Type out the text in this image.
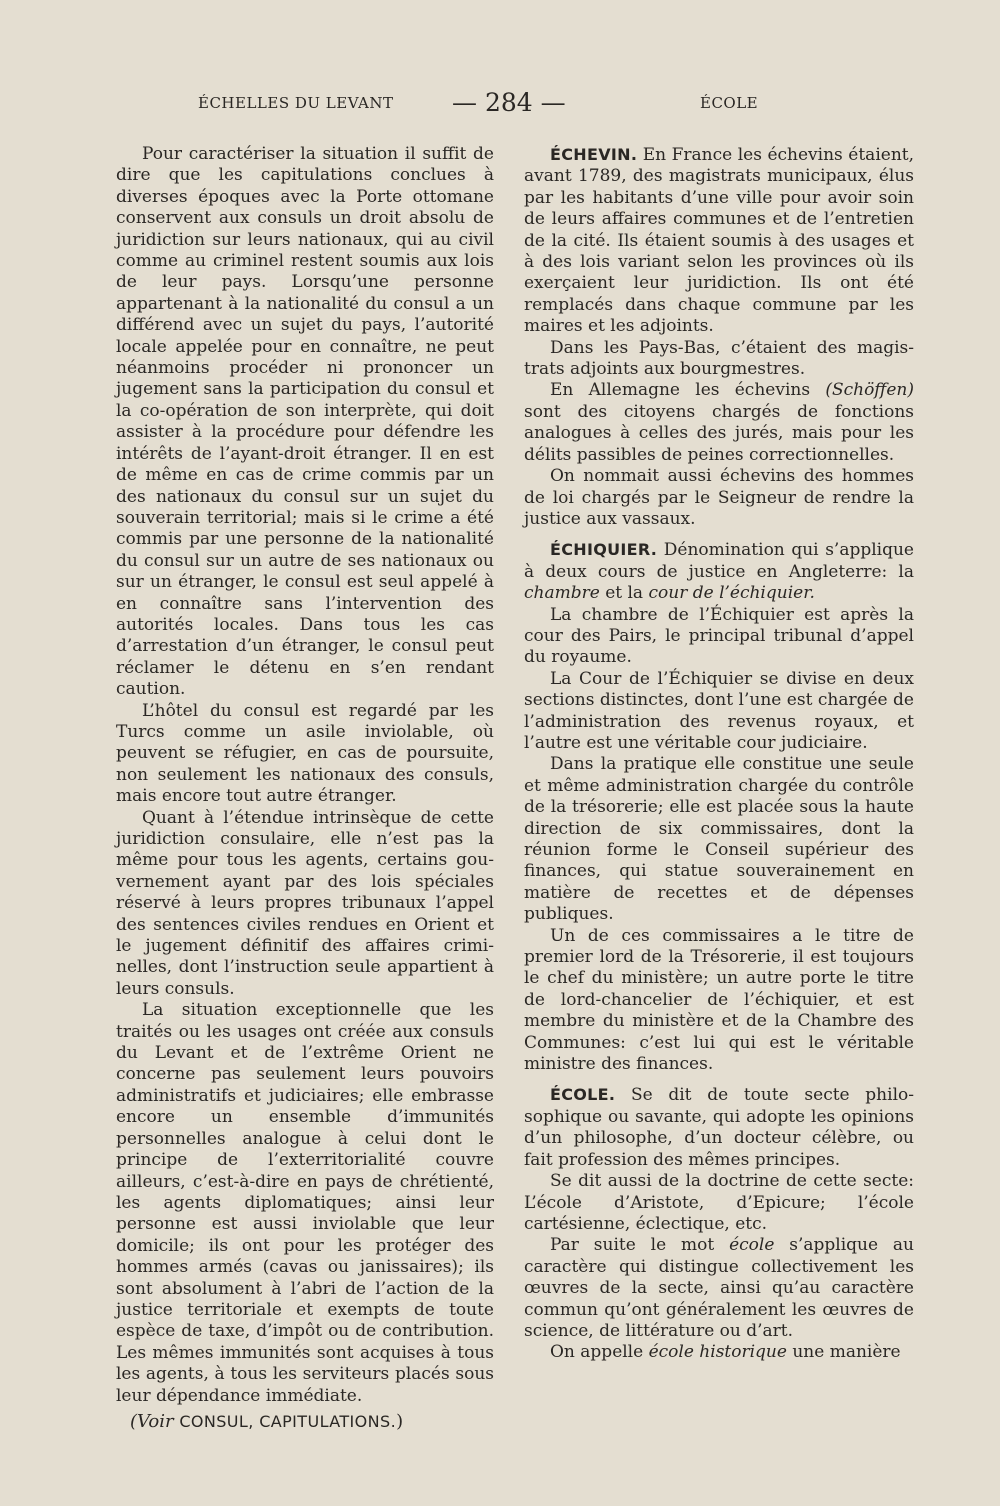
ÉCHELLES DU LEVANT — 284 —	ÉCOLE

Pour caractériser la situation il suffit de dire que les capitulations conclues à diverses époques avec la Porte ottomane conservent aux consuls un droit absolu de juridiction sur leurs nationaux, qui au civil comme au criminel restent soumis aux lois de leur pays. Lorsqu’une personne appartenant à la nationalité du consul a un différend avec un sujet du pays, l’autorité locale appelée pour en connaître, ne peut néanmoins procéder ni prononcer un jugement sans la participation du consul et la co-opération de son interprète, qui doit assister à la procédure pour défendre les intérêts de l’ayant-droit étranger. Il en est de même en cas de crime commis par un des nationaux du consul sur un sujet du souverain territorial; mais si le crime a été commis par une personne de la nationalité du consul sur un autre de ses nationaux ou sur un étranger, le consul est seul appelé à en connaître sans l’intervention des autorités locales. Dans tous les cas d’arrestation d’un étranger, le consul peut réclamer le détenu en s’en rendant caution.

L’hôtel du consul est regardé par les Turcs comme un asile inviolable, où peuvent se réfugier, en cas de poursuite, non seulement les nationaux des consuls, mais encore tout autre étranger.

Quant à l’étendue intrinsèque de cette juridiction consulaire, elle n’est pas la même pour tous les agents, certains gouvernement ayant par des lois spéciales réservé à leurs propres tribunaux l’appel des sentences civiles rendues en Orient et le jugement définitif des affaires criminelles, dont l’instruction seule appartient à leurs consuls.

La situation exceptionnelle que les traités ou les usages ont créée aux consuls du Levant et de l’extrême Orient ne concerne pas seulement leurs pouvoirs administratifs et judiciaires; elle embrasse encore un ensemble d’immunités personnelles analogue à celui dont le principe de l’exterritorialité couvre ailleurs, c’est-à-dire en pays de chrétienté, les agents diplomatiques; ainsi leur personne est aussi inviolable que leur domicile; ils ont pour les protéger des hommes armés (cavas ou janissaires); ils sont absolument à l’abri de l’action de la justice territoriale et exempts de toute espèce de taxe, d’impôt ou de contribution. Les mêmes immunités sont acquises à tous les agents, à tous les serviteurs placés sous leur dépendance immédiate.

(Voir CONSUL, CAPITULATIONS.)

ÉCHEVIN. En France les échevins étaient, avant 1789, des magistrats municipaux, élus par les habitants d’une ville pour avoir soin de leurs affaires communes et de l’entretien de la cité. Ils étaient soumis à des usages et à des lois variant selon les provinces où ils exerçaient leur juridiction. Ils ont été remplacés dans chaque commune par les maires et les adjoints.

Dans les Pays-Bas, c’étaient des magistrats adjoints aux bourgmestres.

En Allemagne les échevins (Schöffen) sont des citoyens chargés de fonctions analogues à celles des jurés, mais pour les délits passibles de peines correctionnelles.

On nommait aussi échevins des hommes de loi chargés par le Seigneur de rendre la justice aux vassaux.

ÉCHIQUIER. Dénomination qui s’applique à deux cours de justice en Angleterre: la chambre et la cour de l’échiquier.

La chambre de l’Échiquier est après la cour des Pairs, le principal tribunal d’appel du royaume.

La Cour de l’Échiquier se divise en deux sections distinctes, dont l’une est chargée de l’administration des revenus royaux, et l’autre est une véritable cour judiciaire.

Dans la pratique elle constitue une seule et même administration chargée du contrôle de la trésorerie; elle est placée sous la haute direction de six commissaires, dont la réunion forme le Conseil supérieur des finances, qui statue souverainement en matière de recettes et de dépenses publiques.

Un de ces commissaires a le titre de premier lord de la Trésorerie, il est toujours le chef du ministère; un autre porte le titre de lord-chancelier de l’échiquier, et est membre du ministère et de la Chambre des Communes: c’est lui qui est le véritable ministre des finances.

ÉCOLE. Se dit de toute secte philosophique ou savante, qui adopte les opinions d’un philosophe, d’un docteur célèbre, ou fait profession des mêmes principes.

Se dit aussi de la doctrine de cette secte: L’école d’Aristote, d’Epicure; l’école cartésienne, éclectique, etc.

Par suite le mot école s’applique au caractère qui distingue collectivement les œuvres de la secte, ainsi qu’au caractère commun qu’ont généralement les œuvres de science, de littérature ou d’art.

On appelle école historique une manière
